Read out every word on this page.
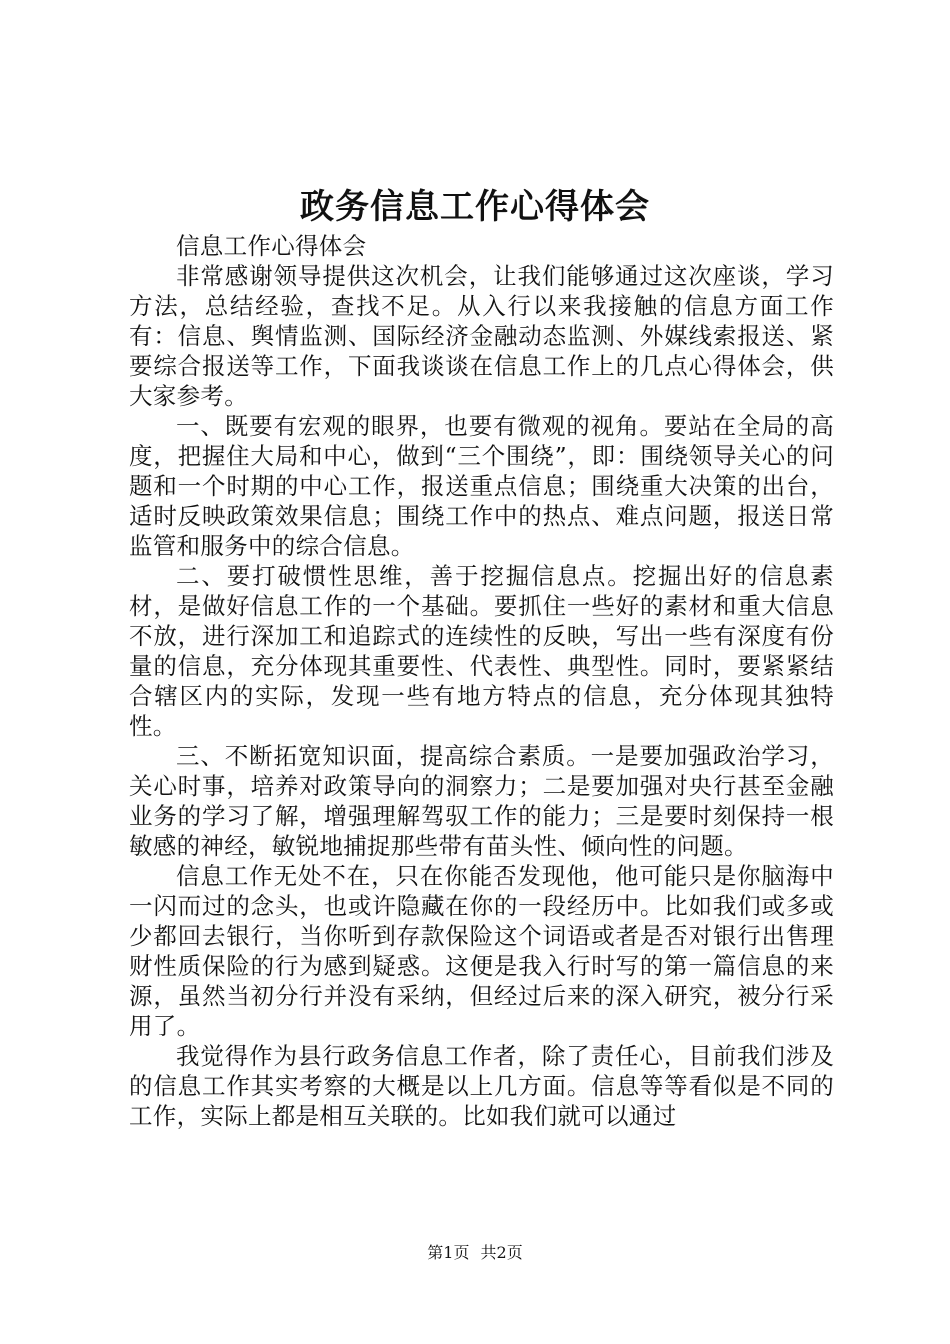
政务信息工作心得体会

信息工作心得体会

非常感谢领导提供这次机会，让我们能够通过这次座谈，学习方法，总结经验，查找不足。从入行以来我接触的信息方面工作有：信息、舆情监测、国际经济金融动态监测、外媒线索报送、紧要综合报送等工作，下面我谈谈在信息工作上的几点心得体会，供大家参考。

一、既要有宏观的眼界，也要有微观的视角。要站在全局的高度，把握住大局和中心，做到“三个围绕”，即：围绕领导关心的问题和一个时期的中心工作，报送重点信息；围绕重大决策的出台，适时反映政策效果信息；围绕工作中的热点、难点问题，报送日常监管和服务中的综合信息。

二、要打破惯性思维，善于挖掘信息点。挖掘出好的信息素材，是做好信息工作的一个基础。要抓住一些好的素材和重大信息不放，进行深加工和追踪式的连续性的反映，写出一些有深度有份量的信息，充分体现其重要性、代表性、典型性。同时，要紧紧结合辖区内的实际，发现一些有地方特点的信息，充分体现其独特性。

三、不断拓宽知识面，提高综合素质。一是要加强政治学习，关心时事，培养对政策导向的洞察力；二是要加强对央行甚至金融业务的学习了解，增强理解驾驭工作的能力；三是要时刻保持一根敏感的神经，敏锐地捕捉那些带有苗头性、倾向性的问题。

信息工作无处不在，只在你能否发现他，他可能只是你脑海中一闪而过的念头，也或许隐藏在你的一段经历中。比如我们或多或少都回去银行，当你听到存款保险这个词语或者是否对银行出售理财性质保险的行为感到疑惑。这便是我入行时写的第一篇信息的来源，虽然当初分行并没有采纳，但经过后来的深入研究，被分行采用了。

我觉得作为县行政务信息工作者，除了责任心，目前我们涉及的信息工作其实考察的大概是以上几方面。信息等等看似是不同的工作，实际上都是相互关联的。比如我们就可以通过

第1页 共2页
